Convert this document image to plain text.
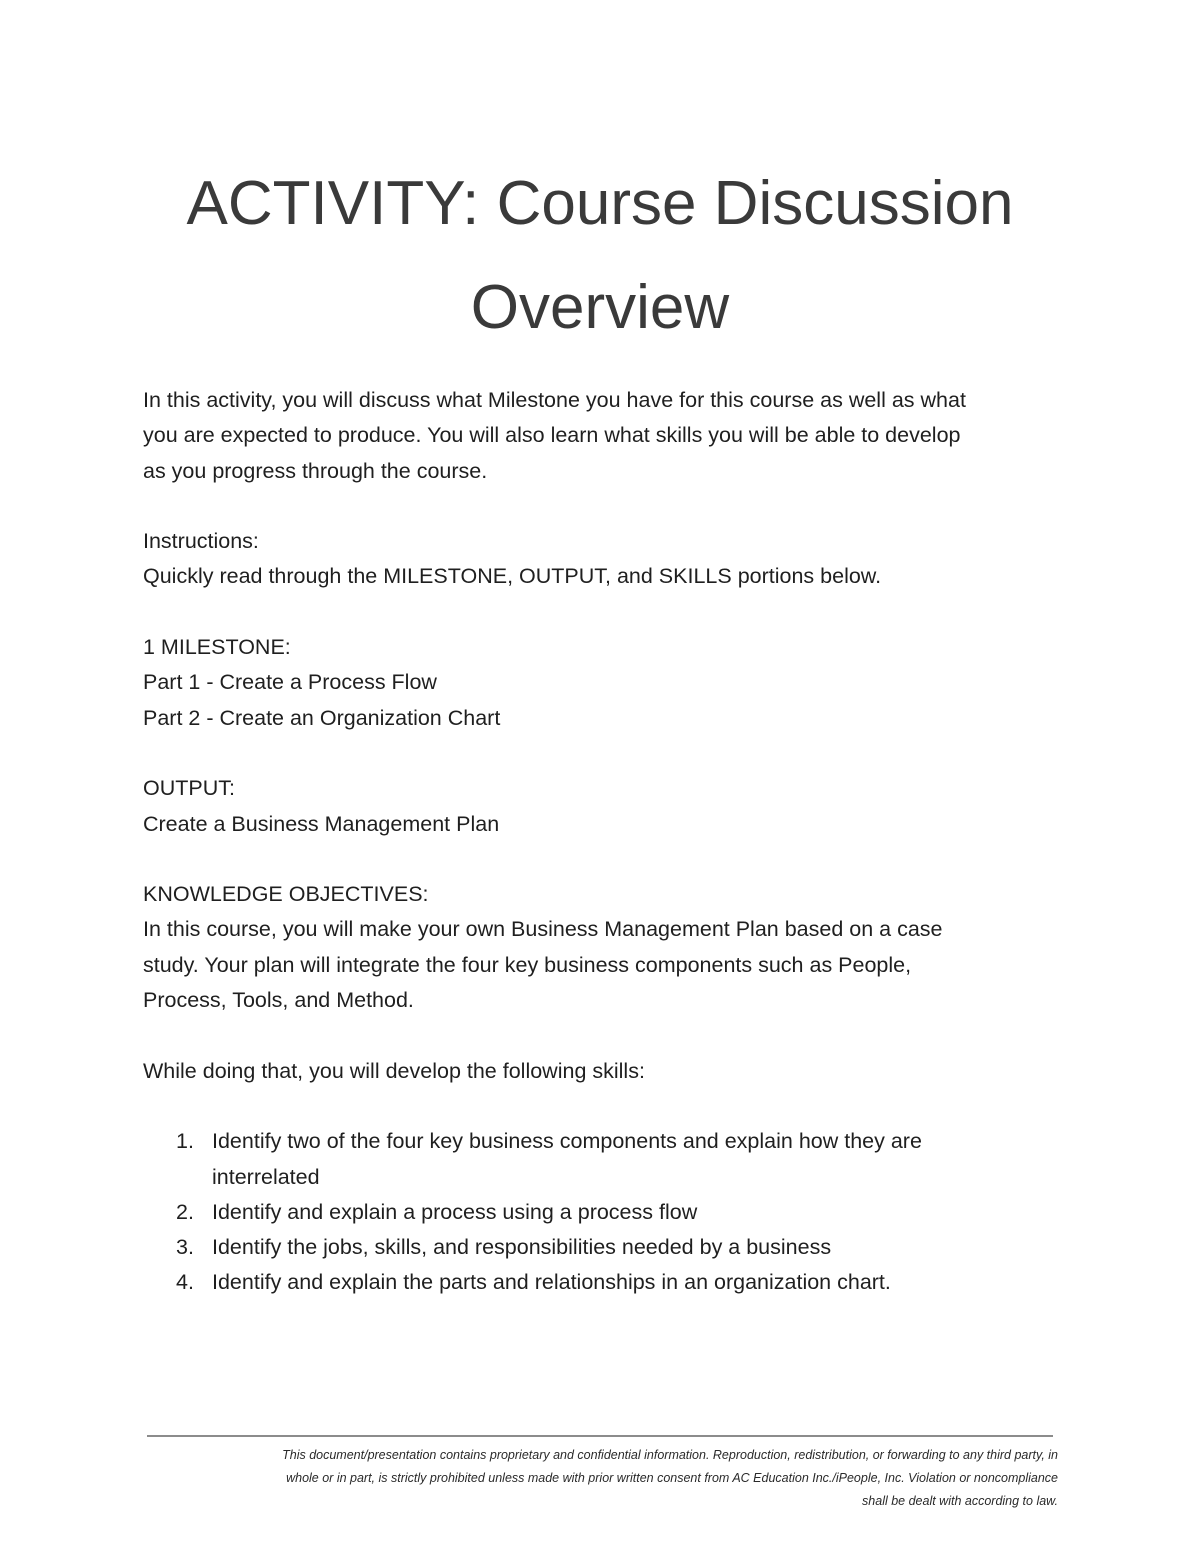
ACTIVITY: Course Discussion
Overview

In this activity, you will discuss what Milestone you have for this course as well as what

you are expected to produce. You will also learn what skills you will be able to develop

as you progress through the course.

Instructions:

Quickly read through the MILESTONE, OUTPUT, and SKILLS portions below.

1 MILESTONE:

Part 1 - Create a Process Flow

Part 2 - Create an Organization Chart

OUTPUT:

Create a Business Management Plan

KNOWLEDGE OBJECTIVES:

In this course, you will make your own Business Management Plan based on a case

study. Your plan will integrate the four key business components such as People,

Process, Tools, and Method.

While doing that, you will develop the following skills:

1. Identify two of the four key business components and explain how they are

interrelated

2. Identify and explain a process using a process flow

3. Identify the jobs, skills, and responsibilities needed by a business

4. Identify and explain the parts and relationships in an organization chart.

This document/presentation contains proprietary and confidential information. Reproduction, redistribution, or forwarding to any third party, in
whole or in part, is strictly prohibited unless made with prior written consent from AC Education Inc./iPeople, Inc. Violation or noncompliance
shall be dealt with according to law.
